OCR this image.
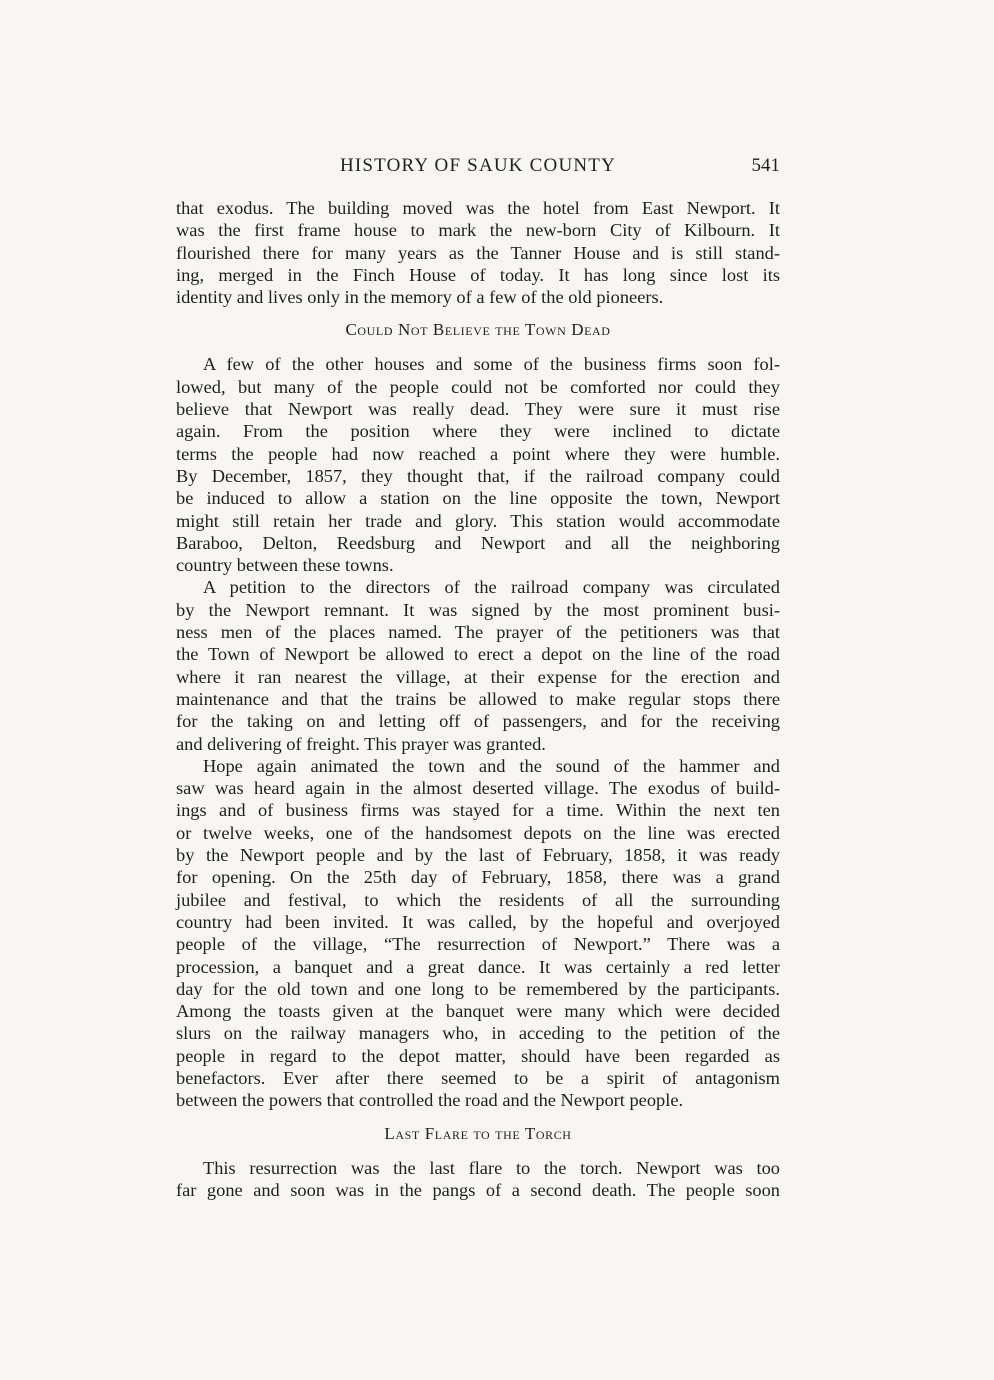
HISTORY OF SAUK COUNTY	541
that exodus. The building moved was the hotel from East Newport. It
was the first frame house to mark the new-born City of Kilbourn. It
flourished there for many years as the Tanner House and is still stand-
ing, merged in the Finch House of today. It has long since lost its
identity and lives only in the memory of a few of the old pioneers.
Could Not Believe the Town Dead
A few of the other houses and some of the business firms soon fol-
lowed, but many of the people could not be comforted nor could they
believe that Newport was really dead. They were sure it must rise
again. From the position where they were inclined to dictate
terms the people had now reached a point where they were humble.
By December, 1857, they thought that, if the railroad company could
be induced to allow a station on the line opposite the town, Newport
might still retain her trade and glory. This station would accommodate
Baraboo, Delton, Reedsburg and Newport and all the neighboring
country between these towns.
A petition to the directors of the railroad company was circulated
by the Newport remnant. It was signed by the most prominent busi-
ness men of the places named. The prayer of the petitioners was that
the Town of Newport be allowed to erect a depot on the line of the road
where it ran nearest the village, at their expense for the erection and
maintenance and that the trains be allowed to make regular stops there
for the taking on and letting off of passengers, and for the receiving
and delivering of freight. This prayer was granted.
Hope again animated the town and the sound of the hammer and
saw was heard again in the almost deserted village. The exodus of build-
ings and of business firms was stayed for a time. Within the next ten
or twelve weeks, one of the handsomest depots on the line was erected
by the Newport people and by the last of February, 1858, it was ready
for opening. On the 25th day of February, 1858, there was a grand
jubilee and festival, to which the residents of all the surrounding
country had been invited. It was called, by the hopeful and overjoyed
people of the village, “The resurrection of Newport.” There was a
procession, a banquet and a great dance. It was certainly a red letter
day for the old town and one long to be remembered by the participants.
Among the toasts given at the banquet were many which were decided
slurs on the railway managers who, in acceding to the petition of the
people in regard to the depot matter, should have been regarded as
benefactors. Ever after there seemed to be a spirit of antagonism
between the powers that controlled the road and the Newport people.
Last Flare to the Torch
This resurrection was the last flare to the torch. Newport was too
far gone and soon was in the pangs of a second death. The people soon
